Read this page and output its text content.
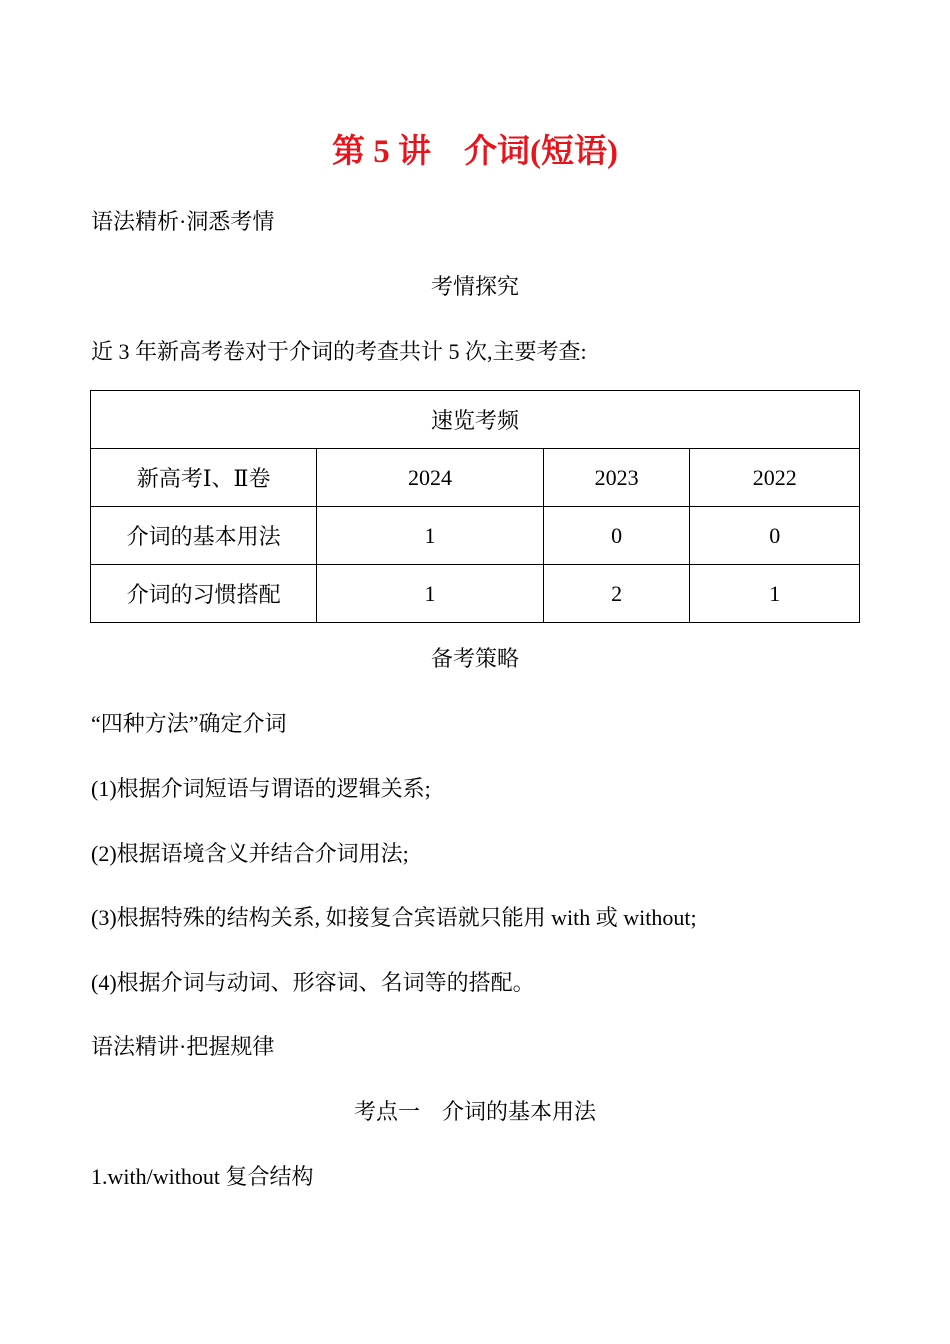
第 5 讲　介词(短语)
语法精析·洞悉考情
考情探究
近 3 年新高考卷对于介词的考查共计 5 次,主要考查:
速览考频			
新高考Ⅰ、Ⅱ卷	2024	2023	2022
介词的基本用法	1	0	0
介词的习惯搭配	1	2	1
备考策略
“四种方法”确定介词
(1)根据介词短语与谓语的逻辑关系;
(2)根据语境含义并结合介词用法;
(3)根据特殊的结构关系, 如接复合宾语就只能用 with 或 without;
(4)根据介词与动词、形容词、名词等的搭配。
语法精讲·把握规律
考点一　介词的基本用法
1.with/without 复合结构
